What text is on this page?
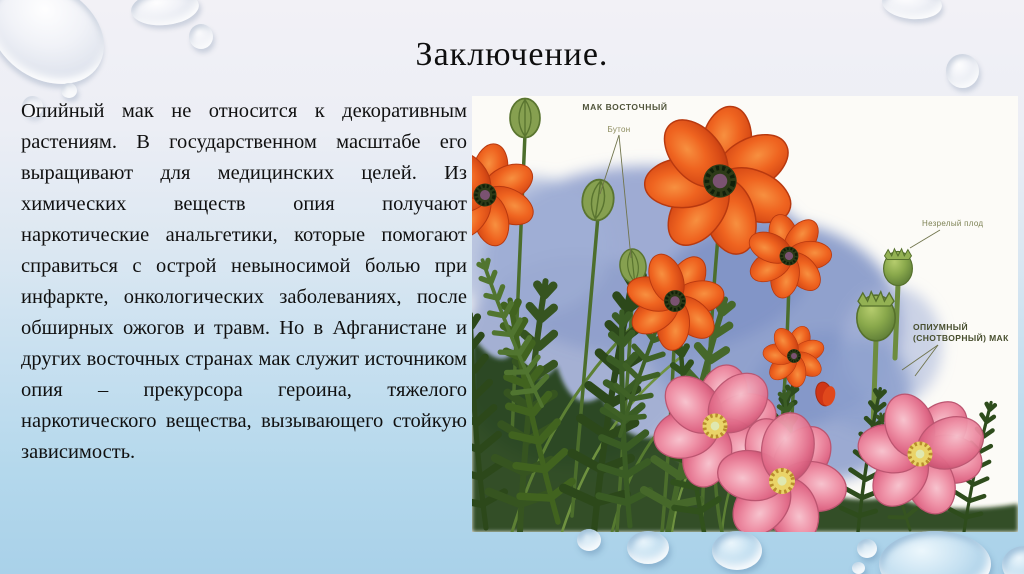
Заключение.

Опийный мак не относится к декоративным растениям. В государственном масштабе его выращивают для медицинских целей. Из химических веществ опия получают наркотические анальгетики, которые помогают справиться с острой невыносимой болью при инфаркте, онкологических заболеваниях, после обширных ожогов и травм. Но в Афганистане и других восточных странах мак служит источником опия – прекурсора героина, тяжелого наркотического вещества, вызывающего стойкую зависимость.

МАК ВОСТОЧНЫЙ
Бутон
Незрелый плод
ОПИУМНЫЙ
(СНОТВОРНЫЙ) МАК
